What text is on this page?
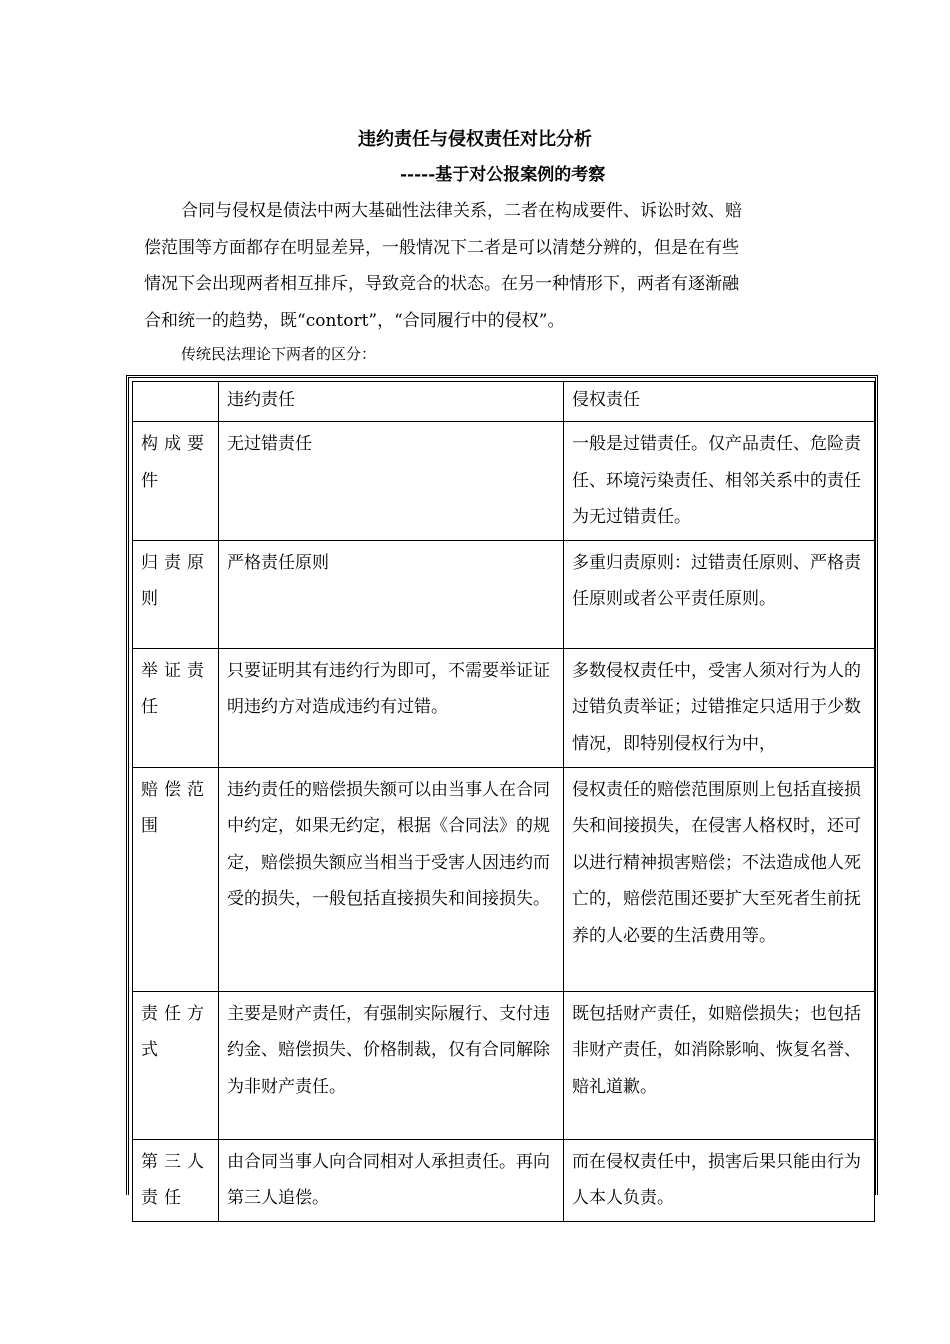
违约责任与侵权责任对比分析
-----基于对公报案例的考察

合同与侵权是债法中两大基础性法律关系，二者在构成要件、诉讼时效、赔
偿范围等方面都存在明显差异，一般情况下二者是可以清楚分辨的，但是在有些
情况下会出现两者相互排斥，导致竞合的状态。在另一种情形下，两者有逐渐融
合和统一的趋势，既“contort”，“合同履行中的侵权”。

传统民法理论下两者的区分：
	违约责任	侵权责任
构成要件	无过错责任	一般是过错责任。仅产品责任、危险责任、环境污染责任、相邻关系中的责任为无过错责任。
归责原则	严格责任原则	多重归责原则：过错责任原则、严格责任原则或者公平责任原则。
举证责任	只要证明其有违约行为即可，不需要举证证明违约方对造成违约有过错。	多数侵权责任中，受害人须对行为人的过错负责举证；过错推定只适用于少数情况，即特别侵权行为中，
赔偿范围	违约责任的赔偿损失额可以由当事人在合同中约定，如果无约定，根据《合同法》的规定，赔偿损失额应当相当于受害人因违约而受的损失，一般包括直接损失和间接损失。	侵权责任的赔偿范围原则上包括直接损失和间接损失，在侵害人格权时，还可以进行精神损害赔偿；不法造成他人死亡的，赔偿范围还要扩大至死者生前抚养的人必要的生活费用等。
责任方式	主要是财产责任，有强制实际履行、支付违约金、赔偿损失、价格制裁，仅有合同解除为非财产责任。	既包括财产责任，如赔偿损失；也包括非财产责任，如消除影响、恢复名誉、赔礼道歉。
第三人责任	由合同当事人向合同相对人承担责任。再向第三人追偿。	而在侵权责任中，损害后果只能由行为人本人负责。
